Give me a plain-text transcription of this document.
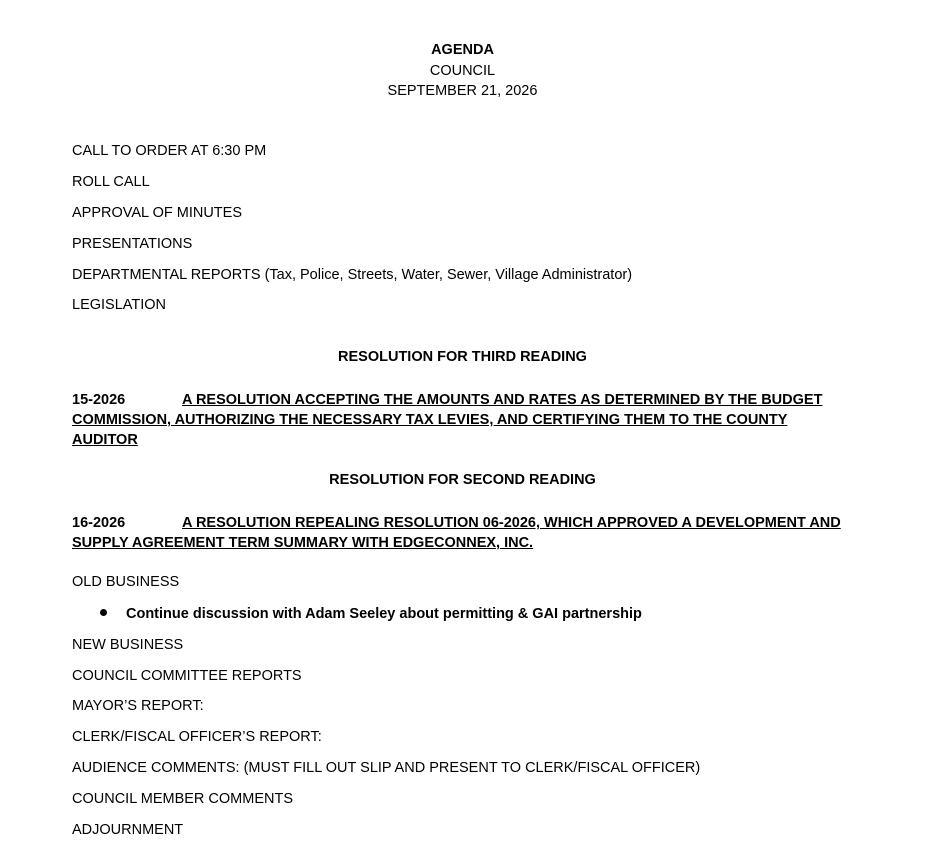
AGENDA
COUNCIL
SEPTEMBER 21, 2026
CALL TO ORDER AT 6:30 PM
ROLL CALL
APPROVAL OF MINUTES
PRESENTATIONS
DEPARTMENTAL REPORTS (Tax, Police, Streets, Water, Sewer, Village Administrator)
LEGISLATION
RESOLUTION FOR THIRD READING
15-2026	A RESOLUTION ACCEPTING THE AMOUNTS AND RATES AS DETERMINED BY THE BUDGET COMMISSION, AUTHORIZING THE NECESSARY TAX LEVIES, AND CERTIFYING THEM TO THE COUNTY AUDITOR
RESOLUTION FOR SECOND READING
16-2026	A RESOLUTION REPEALING RESOLUTION 06-2026, WHICH APPROVED A DEVELOPMENT AND SUPPLY AGREEMENT TERM SUMMARY WITH EDGECONNEX, INC.
OLD BUSINESS
Continue discussion with Adam Seeley about permitting & GAI partnership
NEW BUSINESS
COUNCIL COMMITTEE REPORTS
MAYOR’S REPORT:
CLERK/FISCAL OFFICER’S REPORT:
AUDIENCE COMMENTS: (MUST FILL OUT SLIP AND PRESENT TO CLERK/FISCAL OFFICER)
COUNCIL MEMBER COMMENTS
ADJOURNMENT
